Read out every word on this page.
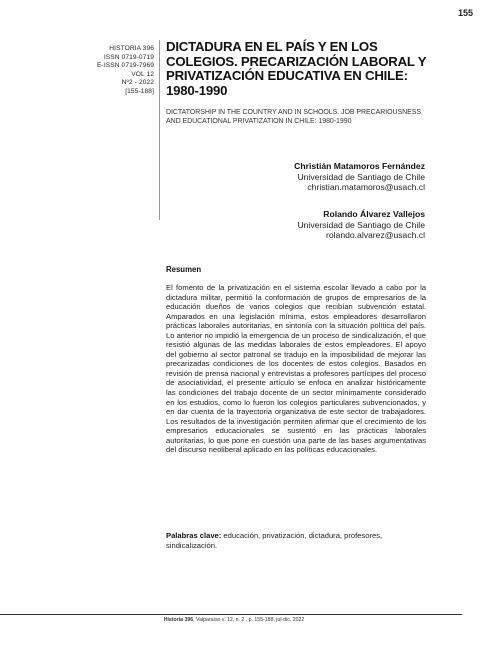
155
HISTORIA 396
ISSN 0719-0719
E-ISSN 0719-7969
VOL 12
Nº2 - 2022
[155-188]
DICTADURA EN EL PAÍS Y EN LOS COLEGIOS. PRECARIZACIÓN LABORAL Y PRIVATIZACIÓN EDUCATIVA EN CHILE: 1980-1990

DICTATORSHIP IN THE COUNTRY AND IN SCHOOLS. JOB PRECARIOUSNESS AND EDUCATIONAL PRIVATIZATION IN CHILE: 1980-1990

Christián Matamoros Fernández
Universidad de Santiago de Chile
christian.matamoros@usach.cl
Rolando Álvarez Vallejos
Universidad de Santiago de Chile
rolando.alvarez@usach.cl
Resumen

El fomento de la privatización en el sistema escolar llevado a cabo por la dictadura militar, permitió la conformación de grupos de empresarios de la educación dueños de varios colegios que recibían subvención estatal. Amparados en una legislación mínima, estos empleadores desarrollaron prácticas laborales autoritarias, en sintonía con la situación política del país. Lo anterior no impidió la emergencia de un proceso de sindicalización, el que resistió algunas de las medidas laborales de estos empleadores. El apoyo del gobierno al sector patronal se tradujo en la imposibilidad de mejorar las precarizadas condiciones de los docentes de estos colegios. Basados en revisión de prensa nacional y entrevistas a profesores partícipes del proceso de asociatividad, el presente artículo se enfoca en analizar históricamente las condiciones del trabajo docente de un sector mínimamente considerado en los estudios, como lo fueron los colegios particulares subvencionados, y en dar cuenta de la trayectoria organizativa de este sector de trabajadores. Los resultados de la investigación permiten afirmar que el crecimiento de los empresarios educacionales se sustentó en las prácticas laborales autoritarias, lo que pone en cuestión una parte de las bases argumentativas del discurso neoliberal aplicado en las políticas educacionales.

Palabras clave: educación, privatización, dictadura, profesores, sindicalización.

Historia 396, Valparaíso v. 12, n. 2 , p. 155-188, jul-dic. 2022
